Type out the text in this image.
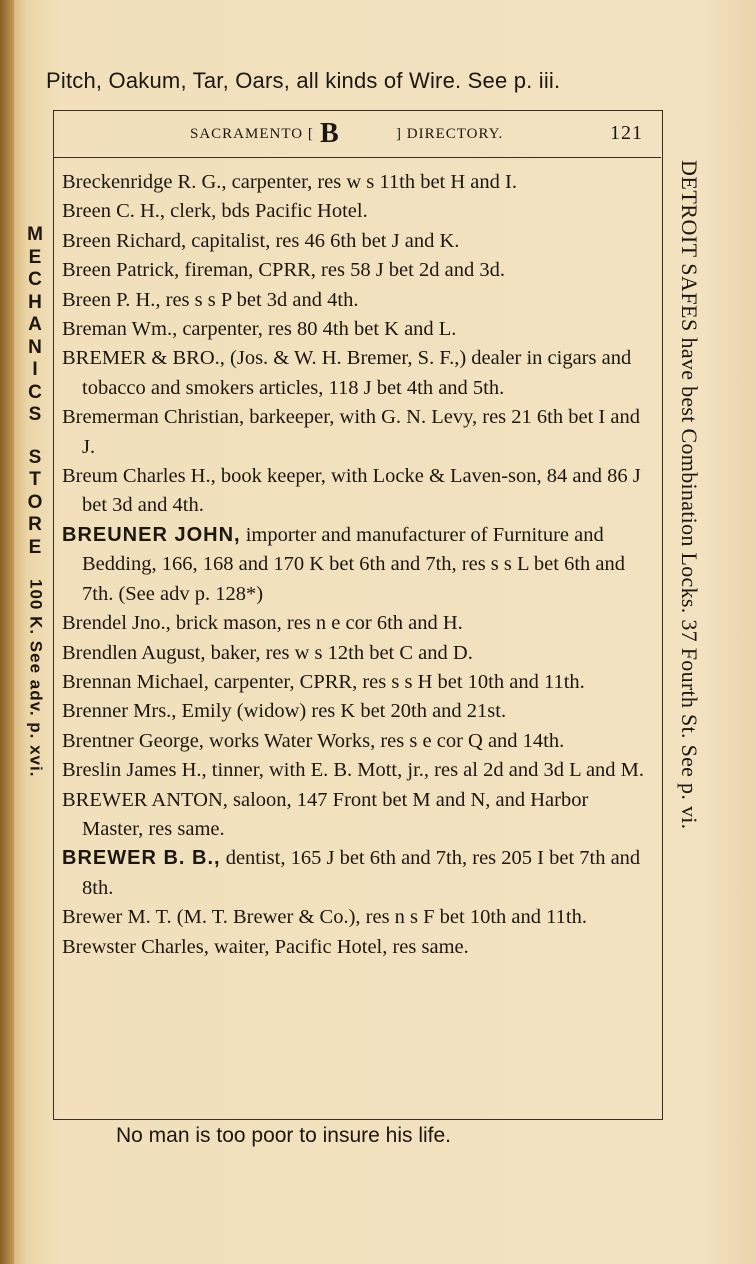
Pitch, Oakum, Tar, Oars, all kinds of Wire. See p. iii.
SACRAMENTO [ B	] DIRECTORY.	121
Breckenridge R. G., carpenter, res w s 11th bet H and I.
Breen C. H., clerk, bds Pacific Hotel.
Breen Richard, capitalist, res 46 6th bet J and K.
Breen Patrick, fireman, CPRR, res 58 J bet 2d and 3d.
Breen P. H., res s s P bet 3d and 4th.
Breman Wm., carpenter, res 80 4th bet K and L.
BREMER & BRO., (Jos. & W. H. Bremer, S. F.,) dealer in cigars and tobacco and smokers articles, 118 J bet 4th and 5th.
Bremerman Christian, barkeeper, with G. N. Levy, res 21 6th bet I and J.
Breum Charles H., book keeper, with Locke & Laven-son, 84 and 86 J bet 3d and 4th.
BREUNER JOHN, importer and manufacturer of Furniture and Bedding, 166, 168 and 170 K bet 6th and 7th, res s s L bet 6th and 7th. (See adv p. 128*)
Brendel Jno., brick mason, res n e cor 6th and H.
Brendlen August, baker, res w s 12th bet C and D.
Brennan Michael, carpenter, CPRR, res s s H bet 10th and 11th.
Brenner Mrs., Emily (widow) res K bet 20th and 21st.
Brentner George, works Water Works, res s e cor Q and 14th.
Breslin James H., tinner, with E. B. Mott, jr., res al 2d and 3d L and M.
BREWER ANTON, saloon, 147 Front bet M and N, and Harbor Master, res same.
BREWER B. B., dentist, 165 J bet 6th and 7th, res 205 I bet 7th and 8th.
Brewer M. T. (M. T. Brewer & Co.), res n s F bet 10th and 11th.
Brewster Charles, waiter, Pacific Hotel, res same.
No man is too poor to insure his life.
M
E
C
H
A
N
I
C
S
S
T
O
R
E
100 K. See adv. p. xvi.
DETROIT SAFES have best Combination Locks. 37 Fourth St. See p. vi.
